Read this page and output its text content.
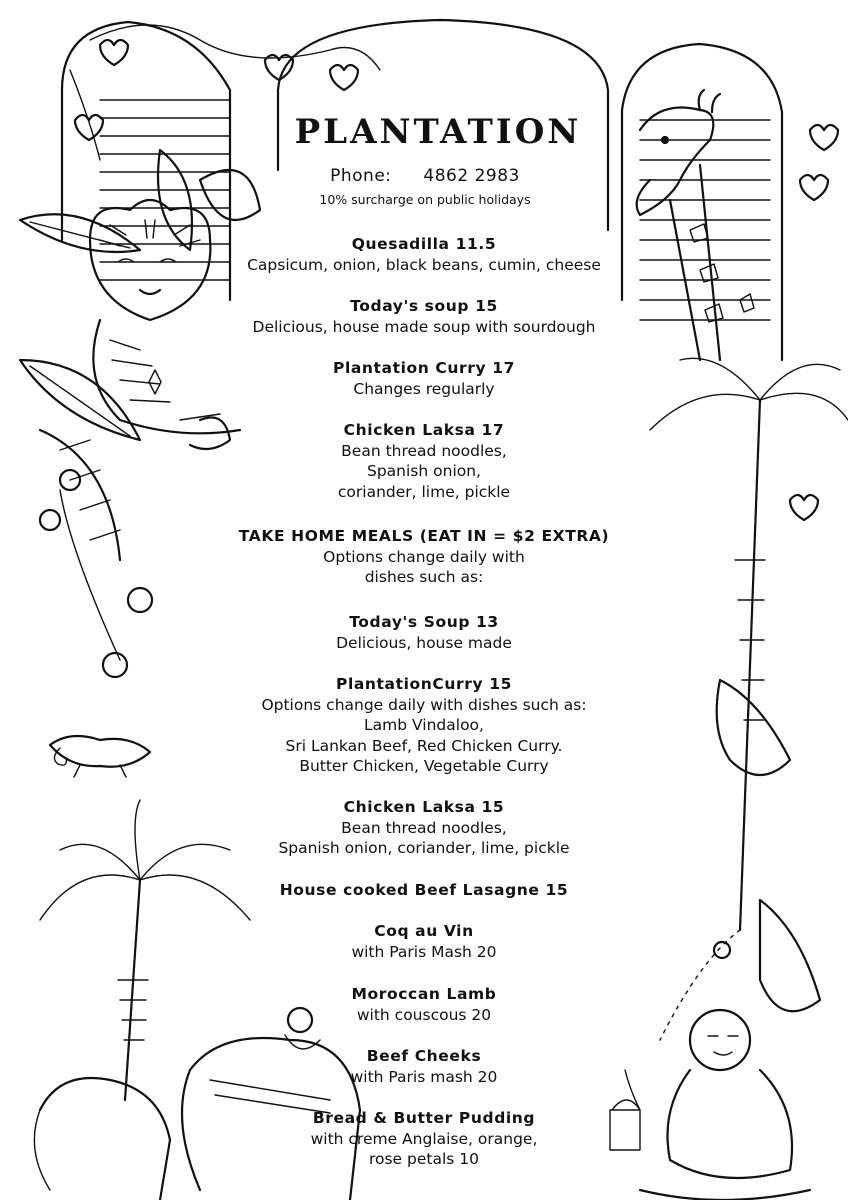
PLANTATION
Phone: 4862 2983
10% surcharge on public holidays
Quesadilla 11.5
Capsicum, onion, black beans, cumin, cheese
Today's soup 15
Delicious, house made soup with sourdough
Plantation Curry 17
Changes regularly
Chicken Laksa 17
Bean thread noodles,
Spanish onion,
coriander, lime, pickle
TAKE HOME MEALS (EAT IN = $2 EXTRA)
Options change daily with
dishes such as:
Today's Soup 13
Delicious, house made
PlantationCurry 15
Options change daily with dishes such as:
Lamb Vindaloo,
Sri Lankan Beef, Red Chicken Curry.
Butter Chicken, Vegetable Curry
Chicken Laksa 15
Bean thread noodles,
Spanish onion, coriander, lime, pickle
House cooked Beef Lasagne 15
Coq au Vin
with Paris Mash 20
Moroccan Lamb
with couscous 20
Beef Cheeks
with Paris mash 20
Bread & Butter Pudding
with creme Anglaise, orange,
rose petals 10
